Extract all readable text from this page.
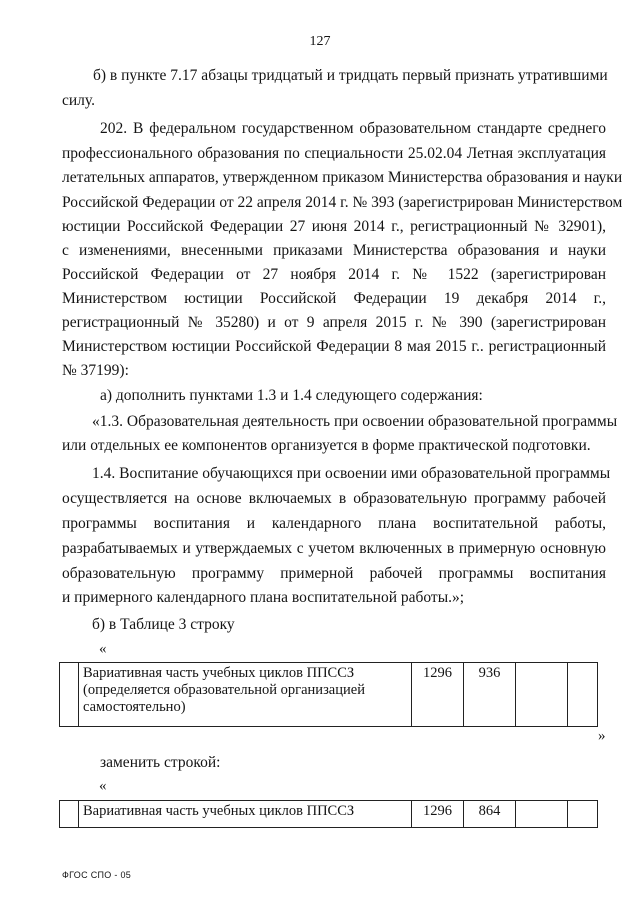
127
б) в пункте 7.17 абзацы тридцатый и тридцать первый признать утратившими
силу.
202. В федеральном государственном образовательном стандарте среднего
профессионального образования по специальности 25.02.04 Летная эксплуатация
летательных аппаратов, утвержденном приказом Министерства образования и науки
Российской Федерации от 22 апреля 2014 г. № 393 (зарегистрирован Министерством
юстиции Российской Федерации 27 июня 2014 г., регистрационный № 32901),
с изменениями, внесенными приказами Министерства образования и науки
Российской Федерации от 27 ноября 2014 г. № 1522 (зарегистрирован
Министерством юстиции Российской Федерации 19 декабря 2014 г.,
регистрационный № 35280) и от 9 апреля 2015 г. № 390 (зарегистрирован
Министерством юстиции Российской Федерации 8 мая 2015 г.. регистрационный
№ 37199):
а) дополнить пунктами 1.3 и 1.4 следующего содержания:
«1.3. Образовательная деятельность при освоении образовательной программы
или отдельных ее компонентов организуется в форме практической подготовки.
1.4. Воспитание обучающихся при освоении ими образовательной программы
осуществляется на основе включаемых в образовательную программу рабочей
программы воспитания и календарного плана воспитательной работы,
разрабатываемых и утверждаемых с учетом включенных в примерную основную
образовательную программу примерной рабочей программы воспитания
и примерного календарного плана воспитательной работы.»;
б) в Таблице 3 строку
«
	Вариативная часть учебных циклов ППССЗ (определяется образовательной организацией самостоятельно)	1296	936		
»
заменить строкой:
«
	Вариативная часть учебных циклов ППССЗ	1296	864		
ФГОС СПО - 05
